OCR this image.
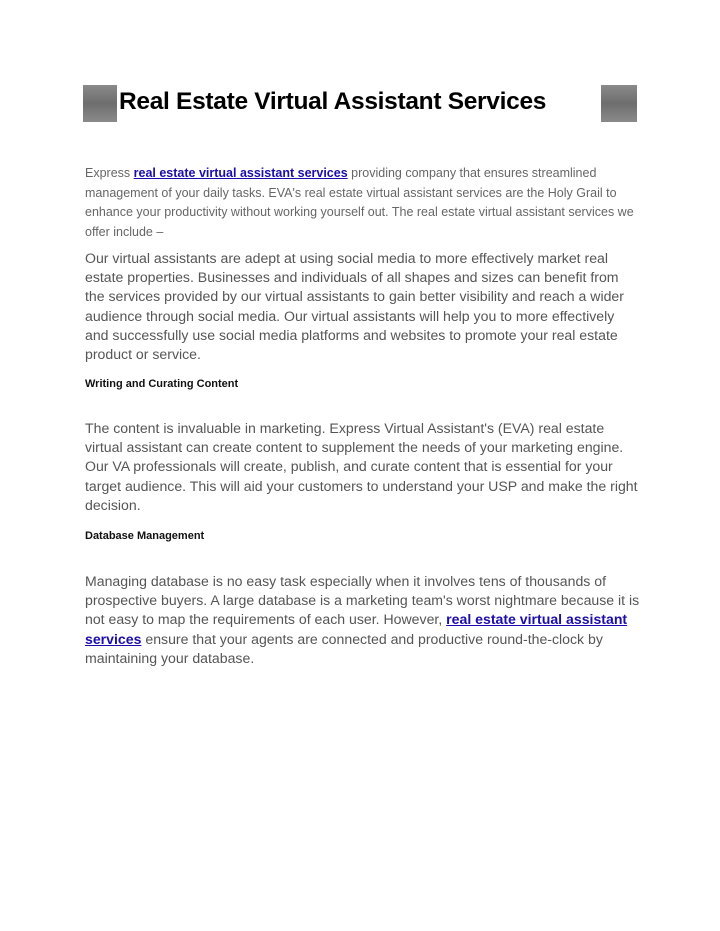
Real Estate Virtual Assistant Services
Express real estate virtual assistant services providing company that ensures streamlined management of your daily tasks. EVA's real estate virtual assistant services are the Holy Grail to enhance your productivity without working yourself out. The real estate virtual assistant services we offer include –
Our virtual assistants are adept at using social media to more effectively market real estate properties. Businesses and individuals of all shapes and sizes can benefit from the services provided by our virtual assistants to gain better visibility and reach a wider audience through social media. Our virtual assistants will help you to more effectively and successfully use social media platforms and websites to promote your real estate product or service.
Writing and Curating Content
The content is invaluable in marketing. Express Virtual Assistant's (EVA) real estate virtual assistant can create content to supplement the needs of your marketing engine. Our VA professionals will create, publish, and curate content that is essential for your target audience. This will aid your customers to understand your USP and make the right decision.
Database Management
Managing database is no easy task especially when it involves tens of thousands of prospective buyers. A large database is a marketing team's worst nightmare because it is not easy to map the requirements of each user. However, real estate virtual assistant services ensure that your agents are connected and productive round-the-clock by maintaining your database.
